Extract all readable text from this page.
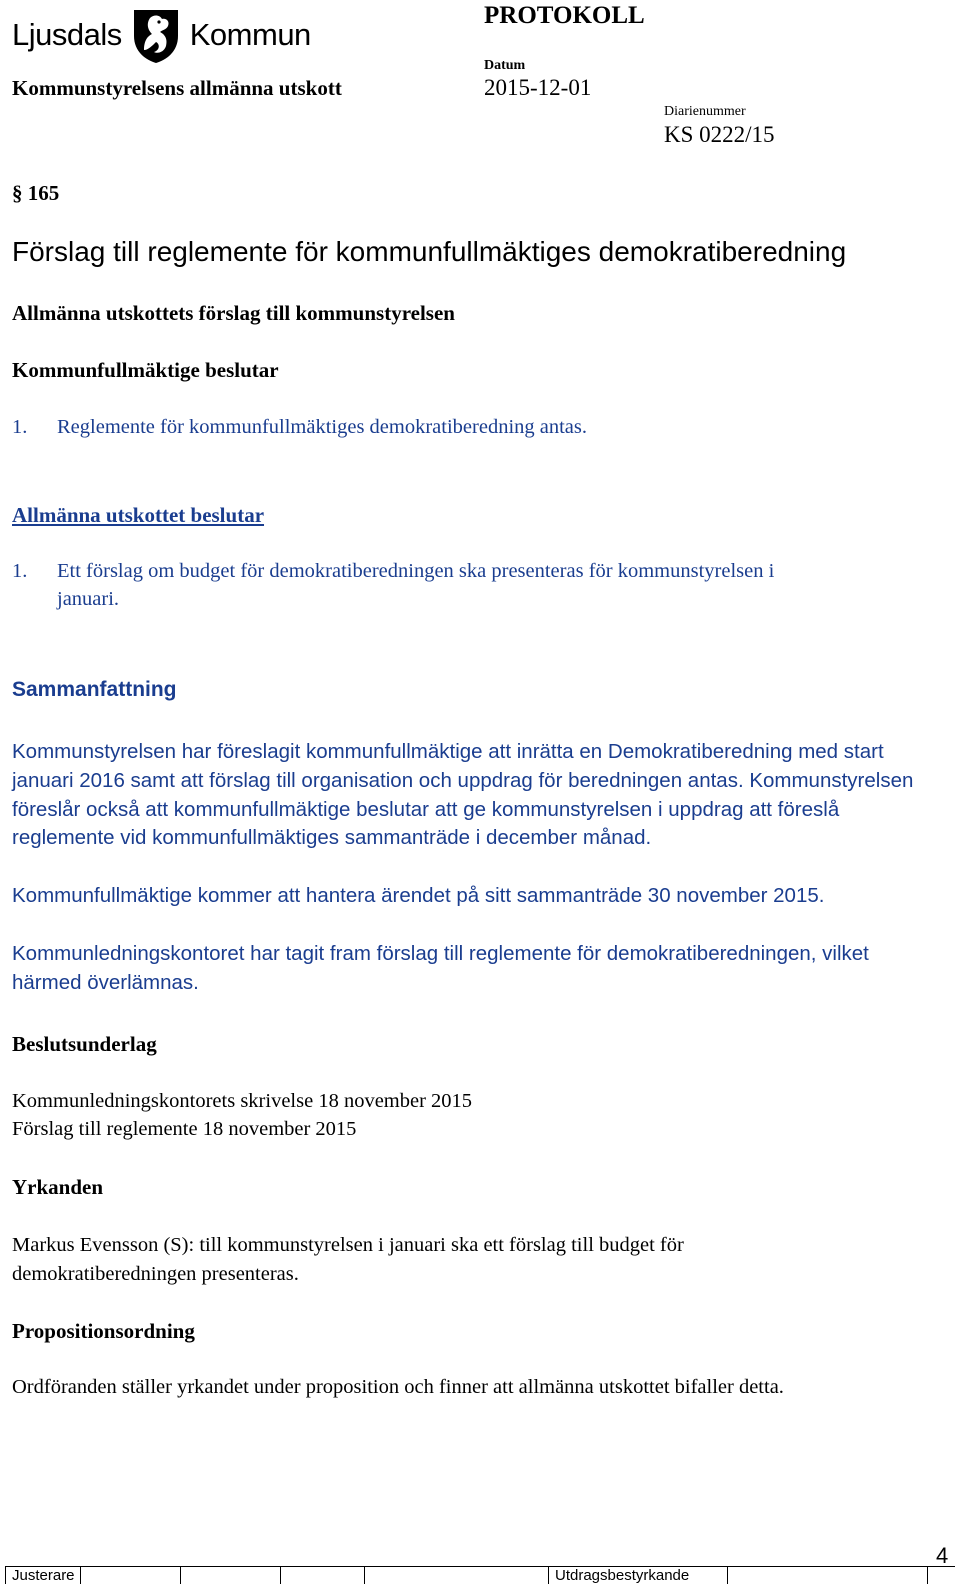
Ljusdals Kommun
PROTOKOLL
Kommunstyrelsens allmänna utskott
Datum
2015-12-01
Diarienummer
KS 0222/15
§ 165
Förslag till reglemente för kommunfullmäktiges demokratiberedning
Allmänna utskottets förslag till kommunstyrelsen
Kommunfullmäktige beslutar
1. Reglemente för kommunfullmäktiges demokratiberedning antas.
Allmänna utskottet beslutar
1. Ett förslag om budget för demokratiberedningen ska presenteras för kommunstyrelsen i
januari.
Sammanfattning
Kommunstyrelsen har föreslagit kommunfullmäktige att inrätta en Demokratiberedning med start januari 2016 samt att förslag till organisation och uppdrag för beredningen antas. Kommunstyrelsen föreslår också att kommunfullmäktige beslutar att ge kommunstyrelsen i uppdrag att föreslå reglemente vid kommunfullmäktiges sammanträde i december månad.
Kommunfullmäktige kommer att hantera ärendet på sitt sammanträde 30 november 2015.
Kommunledningskontoret har tagit fram förslag till reglemente för demokratiberedningen, vilket härmed överlämnas.
Beslutsunderlag
Kommunledningskontorets skrivelse 18 november 2015
Förslag till reglemente 18 november 2015
Yrkanden
Markus Evensson (S): till kommunstyrelsen i januari ska ett förslag till budget för demokratiberedningen presenteras.
Propositionsordning
Ordföranden ställer yrkandet under proposition och finner att allmänna utskottet bifaller detta.
4
Justerare	Utdragsbestyrkande
